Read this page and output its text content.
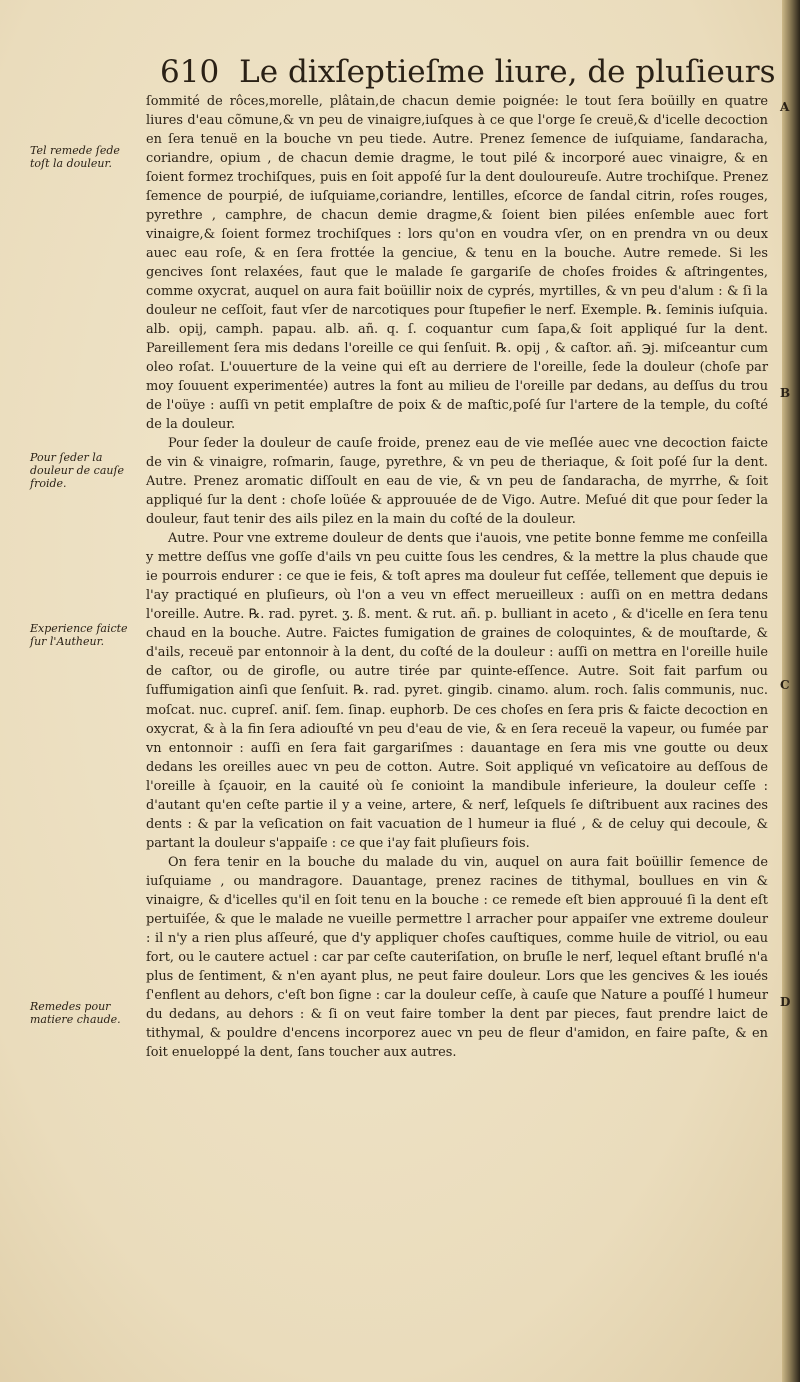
610 Le dixſeptieſme liure, de pluſieurs

ſommité de rôces,morelle, plâtain,de chacun demie poignée: le tout ſera boüilly en quatre liures d'eau cõmune,& vn peu de vinaigre,iuſques à ce que l'orge ſe creuë,& d'icelle decoction en ſera tenuë en la bouche vn peu tiede. Autre. Prenez ſemence de iuſquiame, ſandaracha, coriandre, opium , de chacun demie dragme, le tout pilé & incorporé auec vinaigre, & en ſoient formez trochiſques, puis en ſoit appoſé ſur la dent douloureuſe. Autre trochiſque. Prenez ſemence de pourpié, de iuſquiame,coriandre, lentilles, eſcorce de ſandal citrin, roſes rouges, pyrethre , camphre, de chacun demie dragme,& ſoient bien pilées enſemble auec fort vinaigre,& ſoient formez trochiſques : lors qu'on en voudra vſer, on en prendra vn ou deux auec eau roſe, & en ſera frottée la genciue, & tenu en la bouche. Autre remede. Si les gencives ſont relaxées, faut que le malade ſe gargariſe de choſes froides & aſtringentes, comme oxycrat, auquel on aura fait boüillir noix de cyprés, myrtilles, & vn peu d'alum : & ſi la douleur ne ceſſoit, faut vſer de narcotiques pour ſtupefier le nerf. Exemple. ℞. ſeminis iuſquia. alb. opij, camph. papau. alb. añ. q. ſ. coquantur cum ſapa,& ſoit appliqué ſur la dent. Pareillement ſera mis dedans l'oreille ce qui ſenſuit. ℞. opij , & caſtor. añ. ℈j. miſceantur cum oleo roſat. L'ouuerture de la veine qui eſt au derriere de l'oreille, ſede la douleur (choſe par moy ſouuent experimentée) autres la font au milieu de l'oreille par dedans, au deſſus du trou de l'oüye : auſſi vn petit emplaſtre de poix & de maſtic,poſé ſur l'artere de la temple, du coſté de la douleur.

Pour ſeder la douleur de cauſe froide, prenez eau de vie meſlée auec vne decoction faicte de vin & vinaigre, roſmarin, ſauge, pyrethre, & vn peu de theriaque, & ſoit poſé ſur la dent. Autre. Prenez aromatic diſſoult en eau de vie, & vn peu de ſandaracha, de myrrhe, & ſoit appliqué ſur la dent : choſe loüée & approuuée de de Vigo. Autre. Meſué dit que pour ſeder la douleur, faut tenir des ails pilez en la main du coſté de la douleur.

Autre. Pour vne extreme douleur de dents que i'auois, vne petite bonne femme me conſeilla y mettre deſſus vne goſſe d'ails vn peu cuitte ſous les cendres, & la mettre la plus chaude que ie pourrois endurer : ce que ie feis, & toſt apres ma douleur fut ceſſée, tellement que depuis ie l'ay practiqué en pluſieurs, où l'on a veu vn effect merueilleux : auſſi on en mettra dedans l'oreille. Autre. ℞. rad. pyret. ʒ. ß. ment. & rut. añ. p. bulliant in aceto , & d'icelle en ſera tenu chaud en la bouche. Autre. Faictes fumigation de graines de coloquintes, & de mouſtarde, & d'ails, receuë par entonnoir à la dent, du coſté de la douleur : auſſi on mettra en l'oreille huile de caſtor, ou de girofle, ou autre tirée par quinte-eſſence. Autre. Soit fait parfum ou ſuffumigation ainſi que ſenſuit. ℞. rad. pyret. gingib. cinamo. alum. roch. ſalis communis, nuc. moſcat. nuc. cupreſ. aniſ. ſem. ſinap. euphorb. De ces choſes en ſera pris & faicte decoction en oxycrat, & à la fin ſera adiouſté vn peu d'eau de vie, & en ſera receuë la vapeur, ou fumée par vn entonnoir : auſſi en ſera fait gargariſmes : dauantage en ſera mis vne goutte ou deux dedans les oreilles auec vn peu de cotton. Autre. Soit appliqué vn veſicatoire au deſſous de l'oreille à ſçauoir, en la cauité où ſe conioint la mandibule inferieure, la douleur ceſſe : d'autant qu'en ceſte partie il y a veine, artere, & nerf, leſquels ſe diſtribuent aux racines des dents : & par la veſication on fait vacuation de l humeur ia flué , & de celuy qui decoule, & partant la douleur s'appaiſe : ce que i'ay fait pluſieurs fois.

On fera tenir en la bouche du malade du vin, auquel on aura fait boüillir ſemence de iuſquiame , ou mandragore. Dauantage, prenez racines de tithymal, boullues en vin & vinaigre, & d'icelles qu'il en ſoit tenu en la bouche : ce remede eſt bien approuué ſi la dent eſt pertuiſée, & que le malade ne vueille permettre l arracher pour appaiſer vne extreme douleur : il n'y a rien plus aſſeuré, que d'y appliquer choſes cauſtiques, comme huile de vitriol, ou eau fort, ou le cautere actuel : car par ceſte cauteriſation, on bruſle le nerf, lequel eſtant bruſlé n'a plus de ſentiment, & n'en ayant plus, ne peut faire douleur. Lors que les gencives & les ioués ſ'enflent au dehors, c'eſt bon ſigne : car la douleur ceſſe, à cauſe que Nature a pouſſé l humeur du dedans, au dehors : & ſi on veut faire tomber la dent par pieces, faut prendre laict de tithymal, & pouldre d'encens incorporez auec vn peu de fleur d'amidon, en faire paſte, & en ſoit enueloppé la dent, ſans toucher aux autres.

Tel remede ſede toſt la douleur.
Pour ſeder la douleur de cauſe froide.
Experience faicte ſur l'Autheur.
Remedes pour matiere chaude.
A
B
C
D
